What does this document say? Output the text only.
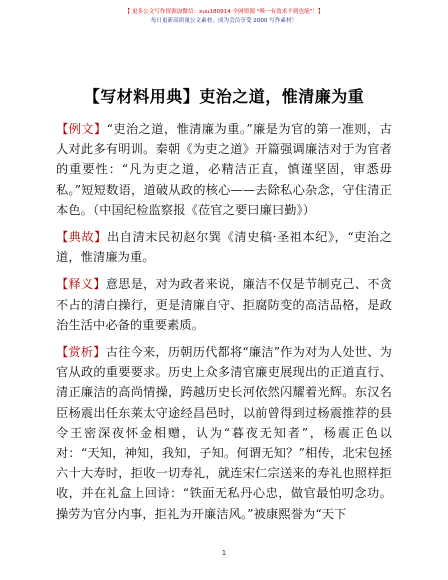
【 更多公文写作资源加微信：xuu180914 全网资源 "唯一有效求不到也能"！】
每日更新高质量公文素材，成为会员享受 2000 写作素材！
【写材料用典】吏治之道，惟清廉为重

【例文】“吏治之道，惟清廉为重。”廉是为官的第一准则，古人对此多有明训。秦朝《为吏之道》开篇强调廉洁对于为官者的重要性：“凡为吏之道，必精洁正直，慎谨坚固，审悉毋私。”短短数语，道破从政的核心——去除私心杂念，守住清正本色。（中国纪检监察报《莅官之要曰廉曰勤》）

【典故】出自清末民初赵尔巽《清史稿·圣祖本纪》，“吏治之道，惟清廉为重。

【释义】意思是，对为政者来说，廉洁不仅是节制克己、不贪不占的清白操行，更是清廉自守、拒腐防变的高洁品格，是政治生活中必备的重要素质。

【赏析】古往今来，历朝历代都将“廉洁”作为对为人处世、为官从政的重要要求。历史上众多清官廉吏展现出的正道直行、清正廉洁的高尚情操，跨越历史长河依然闪耀着光辉。东汉名臣杨震出任东莱太守途经昌邑时，以前曾得到过杨震推荐的县令王密深夜怀金相赠，认为“暮夜无知者”，杨震正色以对：“天知，神知，我知，子知。何谓无知？”相传，北宋包拯六十大寿时，拒收一切寿礼，就连宋仁宗送来的寿礼也照样拒收，并在礼盒上回诗：“铁面无私丹心忠，做官最怕叨念功。操劳为官分内事，拒礼为开廉洁风。”被康熙誉为“天下

1
